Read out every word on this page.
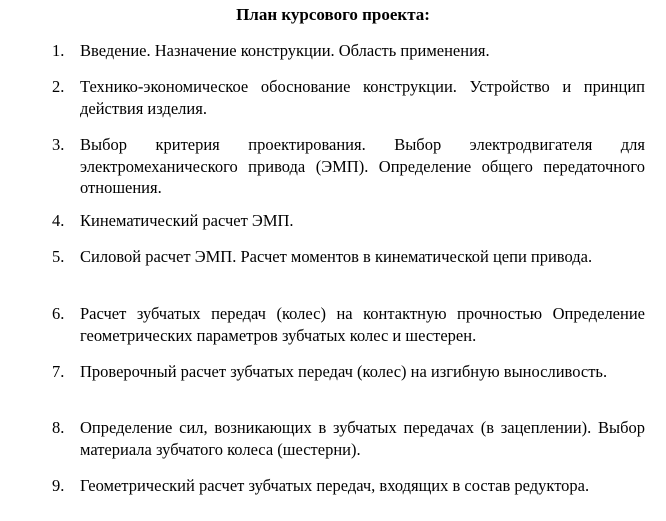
План курсового проекта:
1. Введение. Назначение конструкции. Область применения.
2. Технико-экономическое обоснование конструкции. Устройство и принцип действия изделия.
3. Выбор критерия проектирования. Выбор электродвигателя для электромеханического привода (ЭМП). Определение общего передаточного отношения.
4. Кинематический расчет ЭМП.
5. Силовой расчет ЭМП. Расчет моментов в кинематической цепи привода.
6. Расчет зубчатых передач (колес) на контактную прочностью Определение геометрических параметров зубчатых колес и шестерен.
7. Проверочный расчет зубчатых передач (колес) на изгибную выносливость.
8. Определение сил, возникающих в зубчатых передачах (в зацеплении). Выбор материала зубчатого колеса (шестерни).
9. Геометрический расчет зубчатых передач, входящих в состав редуктора.
